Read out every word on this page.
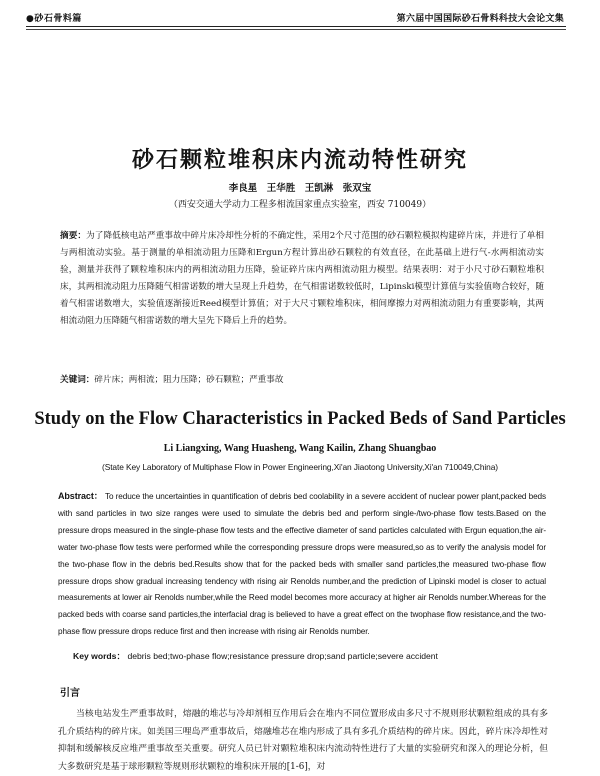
●砂石骨料篇	第六届中国国际砂石骨料科技大会论文集
砂石颗粒堆积床内流动特性研究
李良星　王华胜　王凯淋　张双宝
（西安交通大学动力工程多相流国家重点实验室，西安 710049）
摘要：为了降低核电站严重事故中碎片床冷却性分析的不确定性，采用2个尺寸范围的砂石颗粒模拟构建碎片床，并进行了单相与两相流动实验。基于测量的单相流动阻力压降和Ergun方程计算出砂石颗粒的有效直径，在此基础上进行气-水两相流动实验，测量并获得了颗粒堆积床内的两相流动阻力压降，验证碎片床内两相流动阻力模型。结果表明：对于小尺寸砂石颗粒堆积床，其两相流动阻力压降随气相雷诺数的增大呈现上升趋势，在气相雷诺数较低时，Lipinski模型计算值与实验值吻合较好，随着气相雷诺数增大，实验值逐渐接近Reed模型计算值；对于大尺寸颗粒堆积床，相间摩擦力对两相流动阻力有重要影响，其两相流动阻力压降随气相雷诺数的增大呈先下降后上升的趋势。
关键词：碎片床；两相流；阻力压降；砂石颗粒；严重事故
Study on the Flow Characteristics in Packed Beds of Sand Particles
Li Liangxing, Wang Huasheng, Wang Kailin, Zhang Shuangbao
(State Key Laboratory of Multiphase Flow in Power Engineering,Xi'an Jiaotong University,Xi'an 710049,China)
Abstract： To reduce the uncertainties in quantification of debris bed coolability in a severe accident of nuclear power plant,packed beds with sand particles in two size ranges were used to simulate the debris bed and perform single-/two-phase flow tests.Based on the pressure drops measured in the single-phase flow tests and the effective diameter of sand particles calculated with Ergun equation,the air-water two-phase flow tests were performed while the corresponding pressure drops were measured,so as to verify the analysis model for the two-phase flow in the debris bed.Results show that for the packed beds with smaller sand particles,the measured two-phase flow pressure drops show gradual increasing tendency with rising air Renolds number,and the prediction of Lipinski model is closer to actual measurements at lower air Renolds number,while the Reed model becomes more accuracy at higher air Renolds number.Whereas for the packed beds with coarse sand particles,the interfacial drag is believed to have a great effect on the twophase flow resistance,and the two-phase flow pressure drops reduce first and then increase with rising air Renolds number.
Key words： debris bed;two-phase flow;resistance pressure drop;sand particle;severe accident
引言
当核电站发生严重事故时，熔融的堆芯与冷却剂相互作用后会在堆内不同位置形成由多尺寸不规则形状颗粒组成的具有多孔介质结构的碎片床。如美国三哩岛严重事故后，熔融堆芯在堆内形成了具有多孔介质结构的碎片床。因此，碎片床冷却性对抑制和缓解核反应堆严重事故至关重要。研究人员已针对颗粒堆积床内流动特性进行了大量的实验研究和深入的理论分析，但大多数研究是基于球形颗粒等规则形状颗粒的堆积床开展的[1-6]，对
